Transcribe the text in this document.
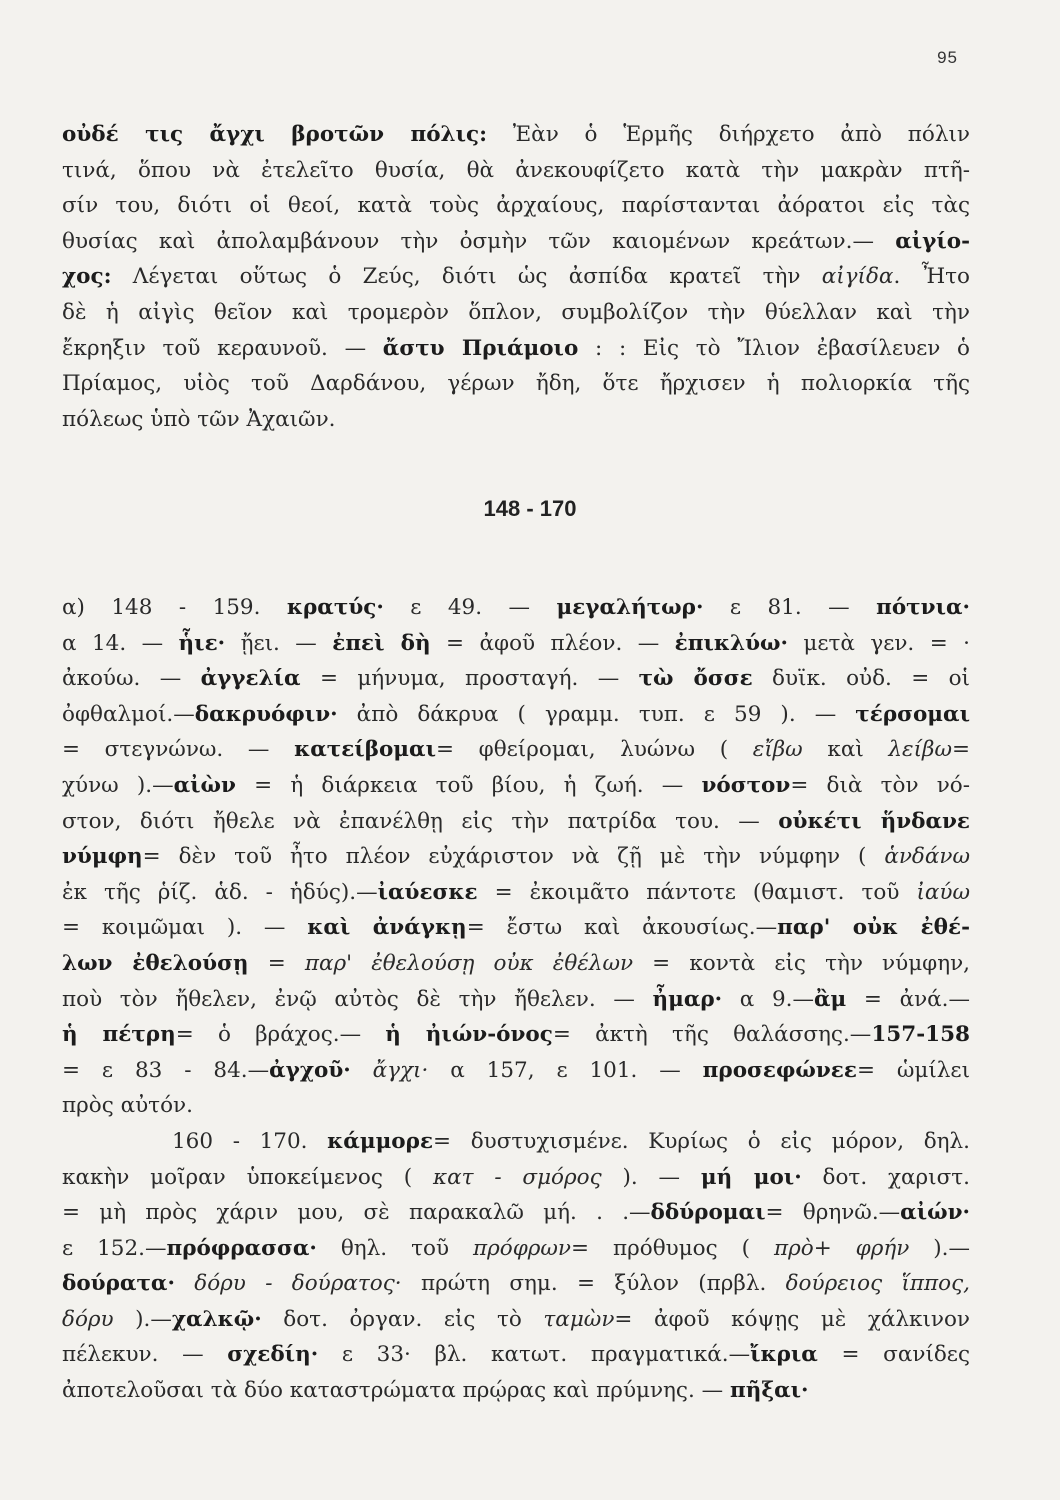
95
οὐδέ τις ἄγχι βροτῶν πόλις: Ἐὰν ὁ Ἑρμῆς διήρχετο ἀπὸ πόλιν
τινά, ὅπου νὰ ἐτελεῖτο θυσία, θὰ ἀνεκουφίζετο κατὰ τὴν μακρὰν πτῆ-
σίν του, διότι οἱ θεοί, κατὰ τοὺς ἀρχαίους, παρίστανται ἀόρατοι εἰς τὰς
θυσίας καὶ ἀπολαμβάνουν τὴν ὀσμὴν τῶν καιομένων κρεάτων.— αἰγίο-
χος: Λέγεται οὕτως ὁ Ζεύς, διότι ὡς ἀσπίδα κρατεῖ τὴν αἰγίδα. Ἦτο
δὲ ἡ αἰγὶς θεῖον καὶ τρομερὸν ὅπλον, συμβολίζον τὴν θύελλαν καὶ τὴν
ἔκρηξιν τοῦ κεραυνοῦ. — ἄστυ Πριάμοιο : : Εἰς τὸ Ἴλιον ἐβασίλευεν ὁ
Πρίαμος, υἱὸς τοῦ Δαρδάνου, γέρων ἤδη, ὅτε ἤρχισεν ἡ πολιορκία τῆς
πόλεως ὑπὸ τῶν Ἀχαιῶν.
148 - 170
α) 148 - 159. κρατύς· ε 49. — μεγαλήτωρ· ε 81. — πότνια·
α 14. — ἧιε· ᾔει. — ἐπεὶ δὴ = ἀφοῦ πλέον. — ἐπικλύω· μετὰ γεν. = ·
ἀκούω. — ἀγγελία = μήνυμα, προσταγή. — τὼ ὄσσε δυϊκ. οὐδ. = οἱ
ὀφθαλμοί.—δακρυόφιν· ἀπὸ δάκρυα ( γραμμ. τυπ. ε 59 ). — τέρσομαι
= στεγνώνω. — κατείβομαι= φθείρομαι, λυώνω ( εἴβω καὶ λείβω=
χύνω ).—αἰὼν = ἡ διάρκεια τοῦ βίου, ἡ ζωή. — νόστον= διὰ τὸν νό-
στον, διότι ἤθελε νὰ ἐπανέλθῃ εἰς τὴν πατρίδα του. — οὐκέτι ἥνδανε
νύμφη= δὲν τοῦ ἦτο πλέον εὐχάριστον νὰ ζῇ μὲ τὴν νύμφην ( ἁνδάνω
ἐκ τῆς ῥίζ. ἁδ. - ἡδύς).—ἰαύεσκε = ἐκοιμᾶτο πάντοτε (θαμιστ. τοῦ ἰαύω
= κοιμῶμαι ). — καὶ ἀνάγκῃ= ἔστω καὶ ἀκουσίως.—παρ' οὐκ ἐθέ-
λων ἐθελούσῃ = παρ' ἐθελούσῃ οὐκ ἐθέλων = κοντὰ εἰς τὴν νύμφην,
ποὺ τὸν ἤθελεν, ἐνῷ αὐτὸς δὲ τὴν ἤθελεν. — ἦμαρ· α 9.—ἂμ = ἀνά.—
ἡ πέτρη= ὁ βράχος.— ἡ ἠιών-όνος= ἀκτὴ τῆς θαλάσσης.—157-158
= ε 83 - 84.—ἀγχοῦ· ἄγχι· α 157, ε 101. — προσεφώνεε= ὡμίλει
πρὸς αὐτόν.
160 - 170. κάμμορε= δυστυχισμένε. Κυρίως ὁ εἰς μόρον, δηλ.
κακὴν μοῖραν ὑποκείμενος ( κατ - σμόρος ). — μή μοι· δοτ. χαριστ.
= μὴ πρὸς χάριν μου, σὲ παρακαλῶ μή. . .—δδύρομαι= θρηνῶ.—αἰών·
ε 152.—πρόφρασσα· θηλ. τοῦ πρόφρων= πρόθυμος ( πρὸ+ φρήν ).—
δούρατα· δόρυ - δούρατος· πρώτη σημ. = ξύλον (πρβλ. δούρειος ἵππος,
δόρυ ).—χαλκῷ· δοτ. ὀργαν. εἰς τὸ ταμὼν= ἀφοῦ κόψῃς μὲ χάλκινον
πέλεκυν. — σχεδίη· ε 33· βλ. κατωτ. πραγματικά.—ἴκρια = σανίδες
ἀποτελοῦσαι τὰ δύο καταστρώματα πρῴρας καὶ πρύμνης. — πῆξαι·
